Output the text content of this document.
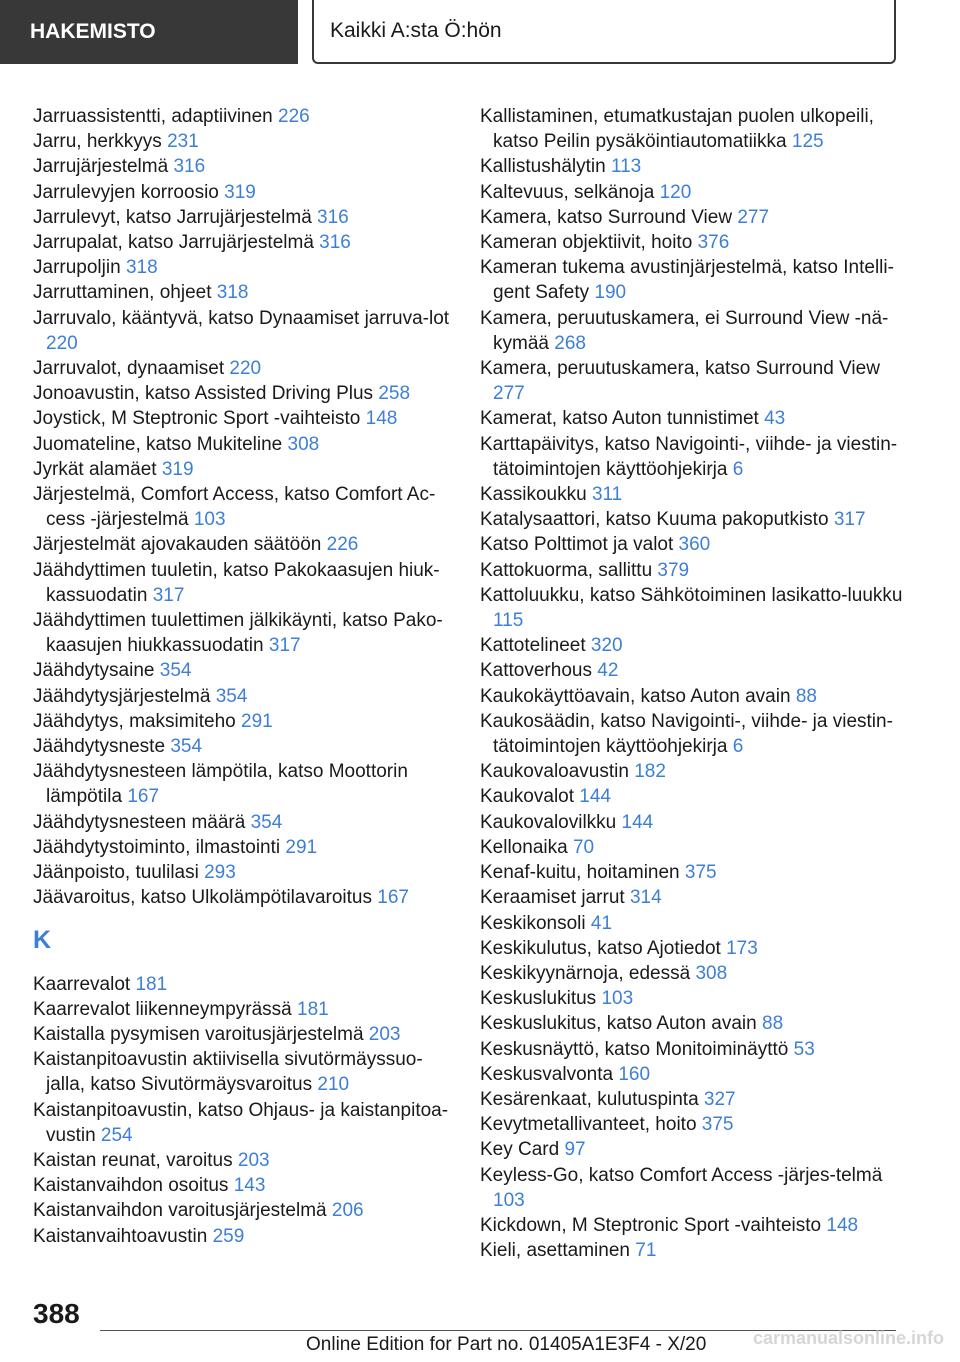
HAKEMISTO	Kaikki A:sta Ö:hön

Jarruassistentti, adaptiivinen 226

Jarru, herkkyys 231

Jarrujärjestelmä 316

Jarrulevyjen korroosio 319

Jarrulevyt, katso Jarrujärjestelmä 316

Jarrupalat, katso Jarrujärjestelmä 316

Jarrupoljin 318

Jarruttaminen, ohjeet 318

Jarruvalo, kääntyvä, katso Dynaamiset jarruva-lot 220

Jarruvalot, dynaamiset 220

Jonoavustin, katso Assisted Driving Plus 258

Joystick, M Steptronic Sport -vaihteisto 148

Juomateline, katso Mukiteline 308

Jyrkät alamäet 319

Järjestelmä, Comfort Access, katso Comfort Ac-cess -järjestelmä 103

Järjestelmät ajovakauden säätöön 226

Jäähdyttimen tuuletin, katso Pakokaasujen hiuk-kassuodatin 317

Jäähdyttimen tuulettimen jälkikäynti, katso Pako-kaasujen hiukkassuodatin 317

Jäähdytysaine 354

Jäähdytysjärjestelmä 354

Jäähdytys, maksimiteho 291

Jäähdytysneste 354

Jäähdytysnesteen lämpötila, katso Moottorin lämpötila 167

Jäähdytysnesteen määrä 354

Jäähdytystoiminto, ilmastointi 291

Jäänpoisto, tuulilasi 293

Jäävaroitus, katso Ulkolämpötilavaroitus 167

K

Kaarrevalot 181

Kaarrevalot liikenneympyrässä 181

Kaistalla pysymisen varoitusjärjestelmä 203

Kaistanpitoavustin aktiivisella sivutörmäyssuo-jalla, katso Sivutörmäysvaroitus 210

Kaistanpitoavustin, katso Ohjaus- ja kaistanpitoa-vustin 254

Kaistan reunat, varoitus 203

Kaistanvaihdon osoitus 143

Kaistanvaihdon varoitusjärjestelmä 206

Kaistanvaihtoavustin 259

Kallistaminen, etumatkustajan puolen ulkopeili, katso Peilin pysäköintiautomatiikka 125

Kallistushälytin 113

Kaltevuus, selkänoja 120

Kamera, katso Surround View 277

Kameran objektiivit, hoito 376

Kameran tukema avustinjärjestelmä, katso Intelli-gent Safety 190

Kamera, peruutuskamera, ei Surround View -nä-kymää 268

Kamera, peruutuskamera, katso Surround View 277

Kamerat, katso Auton tunnistimet 43

Karttapäivitys, katso Navigointi-, viihde- ja viestin-tätoimintojen käyttöohjekirja 6

Kassikoukku 311

Katalysaattori, katso Kuuma pakoputkisto 317

Katso Polttimot ja valot 360

Kattokuorma, sallittu 379

Kattoluukku, katso Sähkötoiminen lasikatto-luukku 115

Kattotelineet 320

Kattoverhous 42

Kaukokäyttöavain, katso Auton avain 88

Kaukosäädin, katso Navigointi-, viihde- ja viestin-tätoimintojen käyttöohjekirja 6

Kaukovaloavustin 182

Kaukovalot 144

Kaukovalovilkku 144

Kellonaika 70

Kenaf-kuitu, hoitaminen 375

Keraamiset jarrut 314

Keskikonsoli 41

Keskikulutus, katso Ajotiedot 173

Keskikyynärnoja, edessä 308

Keskuslukitus 103

Keskuslukitus, katso Auton avain 88

Keskusnäyttö, katso Monitoiminäyttö 53

Keskusvalvonta 160

Kesärenkaat, kulutuspinta 327

Kevytmetallivanteet, hoito 375

Key Card 97

Keyless-Go, katso Comfort Access -järjes-telmä 103

Kickdown, M Steptronic Sport -vaihteisto 148

Kieli, asettaminen 71

388
Online Edition for Part no. 01405A1E3F4 - X/20	carmanualsonline.info
